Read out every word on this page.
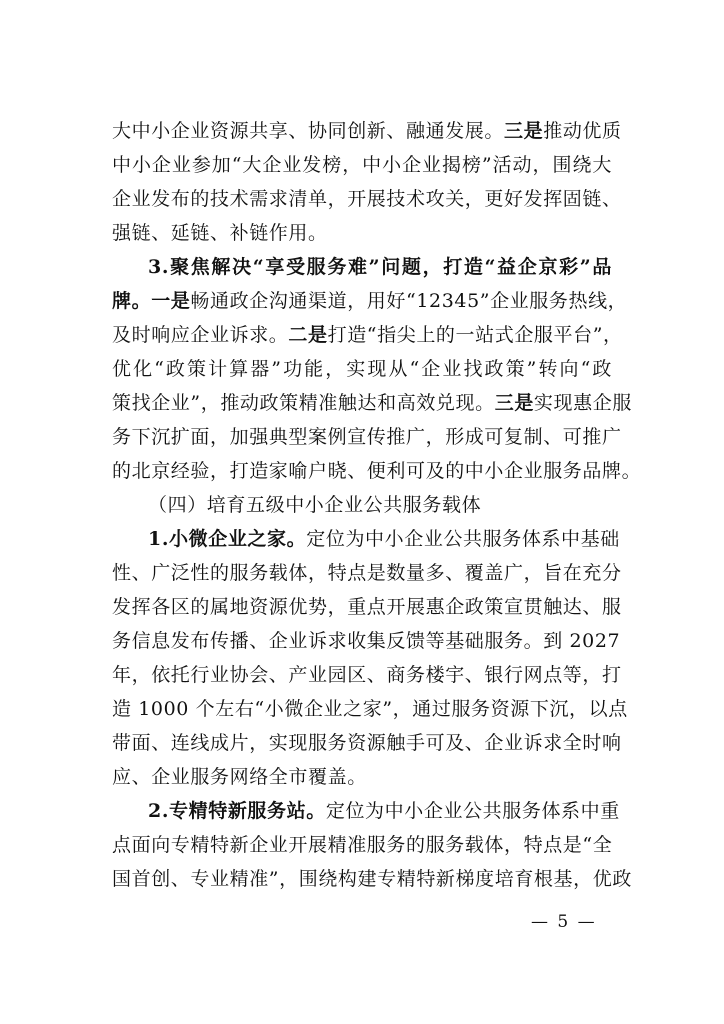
大中小企业资源共享、协同创新、融通发展。三是推动优质
中小企业参加“大企业发榜，中小企业揭榜”活动，围绕大
企业发布的技术需求清单，开展技术攻关，更好发挥固链、
强链、延链、补链作用。
3.聚焦解决“享受服务难”问题，打造“益企京彩”品
牌。一是畅通政企沟通渠道，用好“12345”企业服务热线，
及时响应企业诉求。二是打造“指尖上的一站式企服平台”，
优化“政策计算器”功能，实现从“企业找政策”转向“政
策找企业”，推动政策精准触达和高效兑现。三是实现惠企服
务下沉扩面，加强典型案例宣传推广，形成可复制、可推广
的北京经验，打造家喻户晓、便利可及的中小企业服务品牌。
（四）培育五级中小企业公共服务载体
1.小微企业之家。定位为中小企业公共服务体系中基础
性、广泛性的服务载体，特点是数量多、覆盖广，旨在充分
发挥各区的属地资源优势，重点开展惠企政策宣贯触达、服
务信息发布传播、企业诉求收集反馈等基础服务。到 2027
年，依托行业协会、产业园区、商务楼宇、银行网点等，打
造 1000 个左右“小微企业之家”，通过服务资源下沉，以点
带面、连线成片，实现服务资源触手可及、企业诉求全时响
应、企业服务网络全市覆盖。
2.专精特新服务站。定位为中小企业公共服务体系中重
点面向专精特新企业开展精准服务的服务载体，特点是“全
国首创、专业精准”，围绕构建专精特新梯度培育根基，优政
— 5 —
